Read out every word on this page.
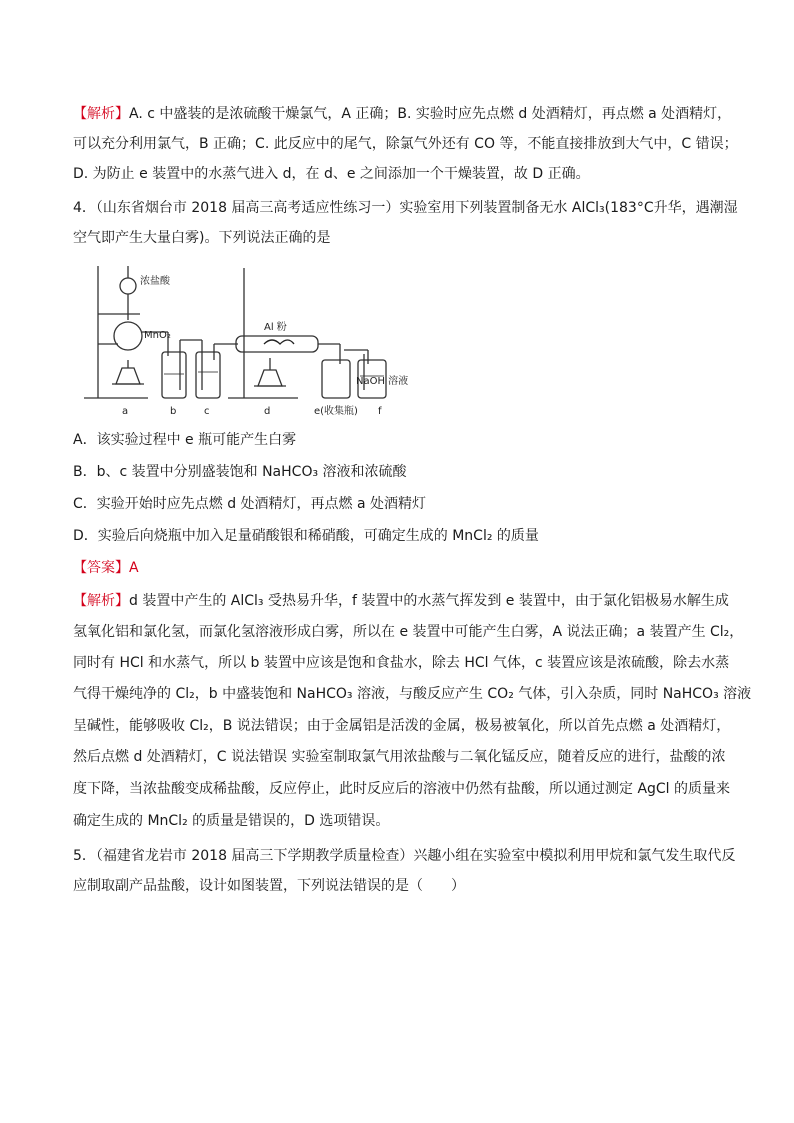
【解析】A. c 中盛装的是浓硫酸干燥氯气，A 正确；B. 实验时应先点燃 d 处酒精灯，再点燃 a 处酒精灯，
可以充分利用氯气，B 正确；C. 此反应中的尾气，除氯气外还有 CO 等，不能直接排放到大气中，C 错误；
D. 为防止 e 装置中的水蒸气进入 d，在 d、e 之间添加一个干燥装置，故 D 正确。
4．（山东省烟台市 2018 届高三高考适应性练习一）实验室用下列装置制备无水 AlCl₃(183°C升华，遇潮湿
空气即产生大量白雾)。下列说法正确的是
浓盐酸
MnO₂
Al 粉
NaOH 溶液
a	b	c	d	e(收集瓶) f
A．该实验过程中 e 瓶可能产生白雾
B．b、c 装置中分别盛装饱和 NaHCO₃ 溶液和浓硫酸
C．实验开始时应先点燃 d 处酒精灯，再点燃 a 处酒精灯
D．实验后向烧瓶中加入足量硝酸银和稀硝酸，可确定生成的 MnCl₂ 的质量
【答案】A
【解析】d 装置中产生的 AlCl₃ 受热易升华，f 装置中的水蒸气挥发到 e 装置中，由于氯化铝极易水解生成
氢氧化铝和氯化氢，而氯化氢溶液形成白雾，所以在 e 装置中可能产生白雾，A 说法正确；a 装置产生 Cl₂，
同时有 HCl 和水蒸气，所以 b 装置中应该是饱和食盐水，除去 HCl 气体，c 装置应该是浓硫酸，除去水蒸
气得干燥纯净的 Cl₂，b 中盛装饱和 NaHCO₃ 溶液，与酸反应产生 CO₂ 气体，引入杂质，同时 NaHCO₃ 溶液
呈碱性，能够吸收 Cl₂，B 说法错误；由于金属铝是活泼的金属，极易被氧化，所以首先点燃 a 处酒精灯，
然后点燃 d 处酒精灯，C 说法错误 实验室制取氯气用浓盐酸与二氧化锰反应，随着反应的进行，盐酸的浓
度下降，当浓盐酸变成稀盐酸，反应停止，此时反应后的溶液中仍然有盐酸，所以通过测定 AgCl 的质量来
确定生成的 MnCl₂ 的质量是错误的，D 选项错误。
5．（福建省龙岩市 2018 届高三下学期教学质量检查）兴趣小组在实验室中模拟利用甲烷和氯气发生取代反
应制取副产品盐酸，设计如图装置，下列说法错误的是（　　）
